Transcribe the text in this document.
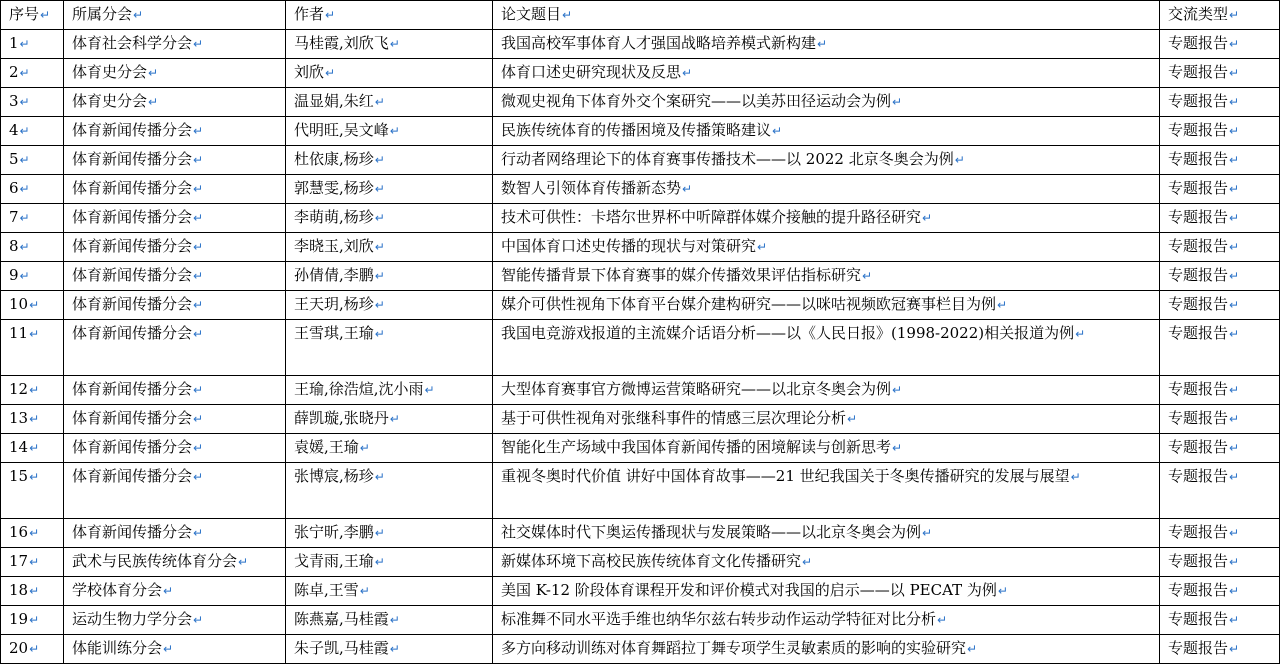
序号↵	所属分会↵	作者↵	论文题目↵	交流类型↵
1↵	体育社会科学分会↵	马桂霞,刘欣飞↵	我国高校军事体育人才强国战略培养模式新构建↵	专题报告↵
2↵	体育史分会↵	刘欣↵	体育口述史研究现状及反思↵	专题报告↵
3↵	体育史分会↵	温显娟,朱红↵	微观史视角下体育外交个案研究——以美苏田径运动会为例↵	专题报告↵
4↵	体育新闻传播分会↵	代明旺,吴文峰↵	民族传统体育的传播困境及传播策略建议↵	专题报告↵
5↵	体育新闻传播分会↵	杜依康,杨珍↵	行动者网络理论下的体育赛事传播技术——以 2022 北京冬奥会为例↵	专题报告↵
6↵	体育新闻传播分会↵	郭慧雯,杨珍↵	数智人引领体育传播新态势↵	专题报告↵
7↵	体育新闻传播分会↵	李萌萌,杨珍↵	技术可供性：卡塔尔世界杯中听障群体媒介接触的提升路径研究↵	专题报告↵
8↵	体育新闻传播分会↵	李晓玉,刘欣↵	中国体育口述史传播的现状与对策研究↵	专题报告↵
9↵	体育新闻传播分会↵	孙倩倩,李鹏↵	智能传播背景下体育赛事的媒介传播效果评估指标研究↵	专题报告↵
10↵	体育新闻传播分会↵	王天玥,杨珍↵	媒介可供性视角下体育平台媒介建构研究——以咪咕视频欧冠赛事栏目为例↵	专题报告↵
11↵	体育新闻传播分会↵	王雪琪,王瑜↵	我国电竞游戏报道的主流媒介话语分析——以《人民日报》(1998-2022)相关报道为例↵	专题报告↵
12↵	体育新闻传播分会↵	王瑜,徐浩煊,沈小雨↵	大型体育赛事官方微博运营策略研究——以北京冬奥会为例↵	专题报告↵
13↵	体育新闻传播分会↵	薛凯璇,张晓丹↵	基于可供性视角对张继科事件的情感三层次理论分析↵	专题报告↵
14↵	体育新闻传播分会↵	袁媛,王瑜↵	智能化生产场域中我国体育新闻传播的困境解读与创新思考↵	专题报告↵
15↵	体育新闻传播分会↵	张博宸,杨珍↵	重视冬奥时代价值 讲好中国体育故事——21 世纪我国关于冬奥传播研究的发展与展望↵	专题报告↵
16↵	体育新闻传播分会↵	张宁昕,李鹏↵	社交媒体时代下奥运传播现状与发展策略——以北京冬奥会为例↵	专题报告↵
17↵	武术与民族传统体育分会↵	戈青雨,王瑜↵	新媒体环境下高校民族传统体育文化传播研究↵	专题报告↵
18↵	学校体育分会↵	陈卓,王雪↵	美国 K-12 阶段体育课程开发和评价模式对我国的启示——以 PECAT 为例↵	专题报告↵
19↵	运动生物力学分会↵	陈燕嘉,马桂霞↵	标准舞不同水平选手维也纳华尔兹右转步动作运动学特征对比分析↵	专题报告↵
20↵	体能训练分会↵	朱子凯,马桂霞↵	多方向移动训练对体育舞蹈拉丁舞专项学生灵敏素质的影响的实验研究↵	专题报告↵
